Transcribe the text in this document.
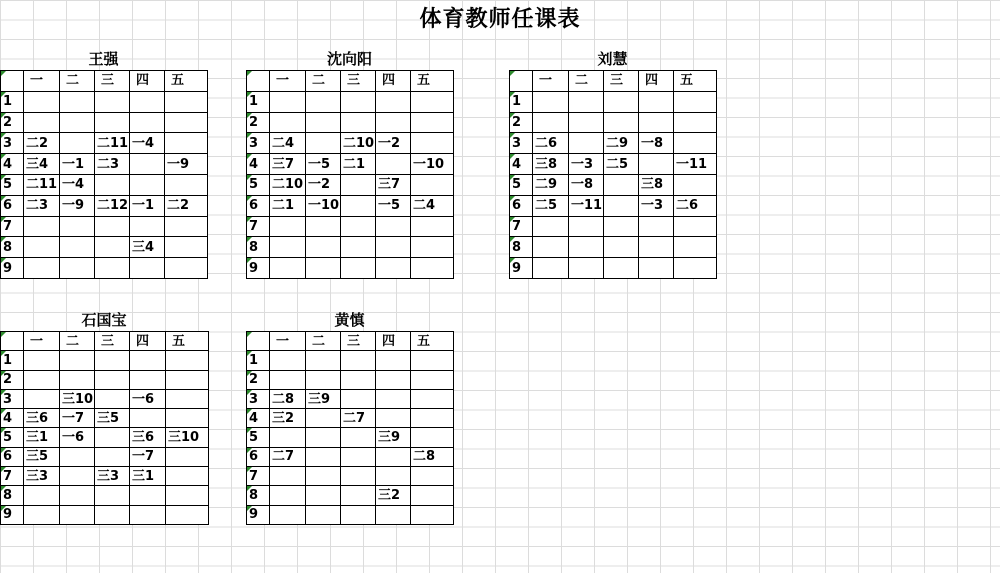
体育教师任课表
王强
	一	二	三	四	五
1					
2					
3	二2		二11	一4	
4	三4	一1	二3		一9
5	二11	一4			
6	二3	一9	二12	一1	二2
7					
8				三4	
9					
沈向阳
	一	二	三	四	五
1					
2					
3	二4		二10	一2	
4	三7	一5	二1		一10
5	二10	一2		三7	
6	二1	一10		一5	二4
7					
8					
9					
刘慧
	一	二	三	四	五
1					
2					
3	二6		二9	一8	
4	三8	一3	二5		一11
5	二9	一8		三8	
6	二5	一11		一3	二6
7					
8					
9					
石国宝
	一	二	三	四	五
1					
2					
3		三10		一6	
4	三6	一7	三5		
5	三1	一6		三6	三10
6	三5			一7	
7	三3		三3	三1	
8					
9					
黄慎
	一	二	三	四	五
1					
2					
3	二8	三9			
4	三2		二7		
5				三9	
6	二7				二8
7					
8				三2	
9					
